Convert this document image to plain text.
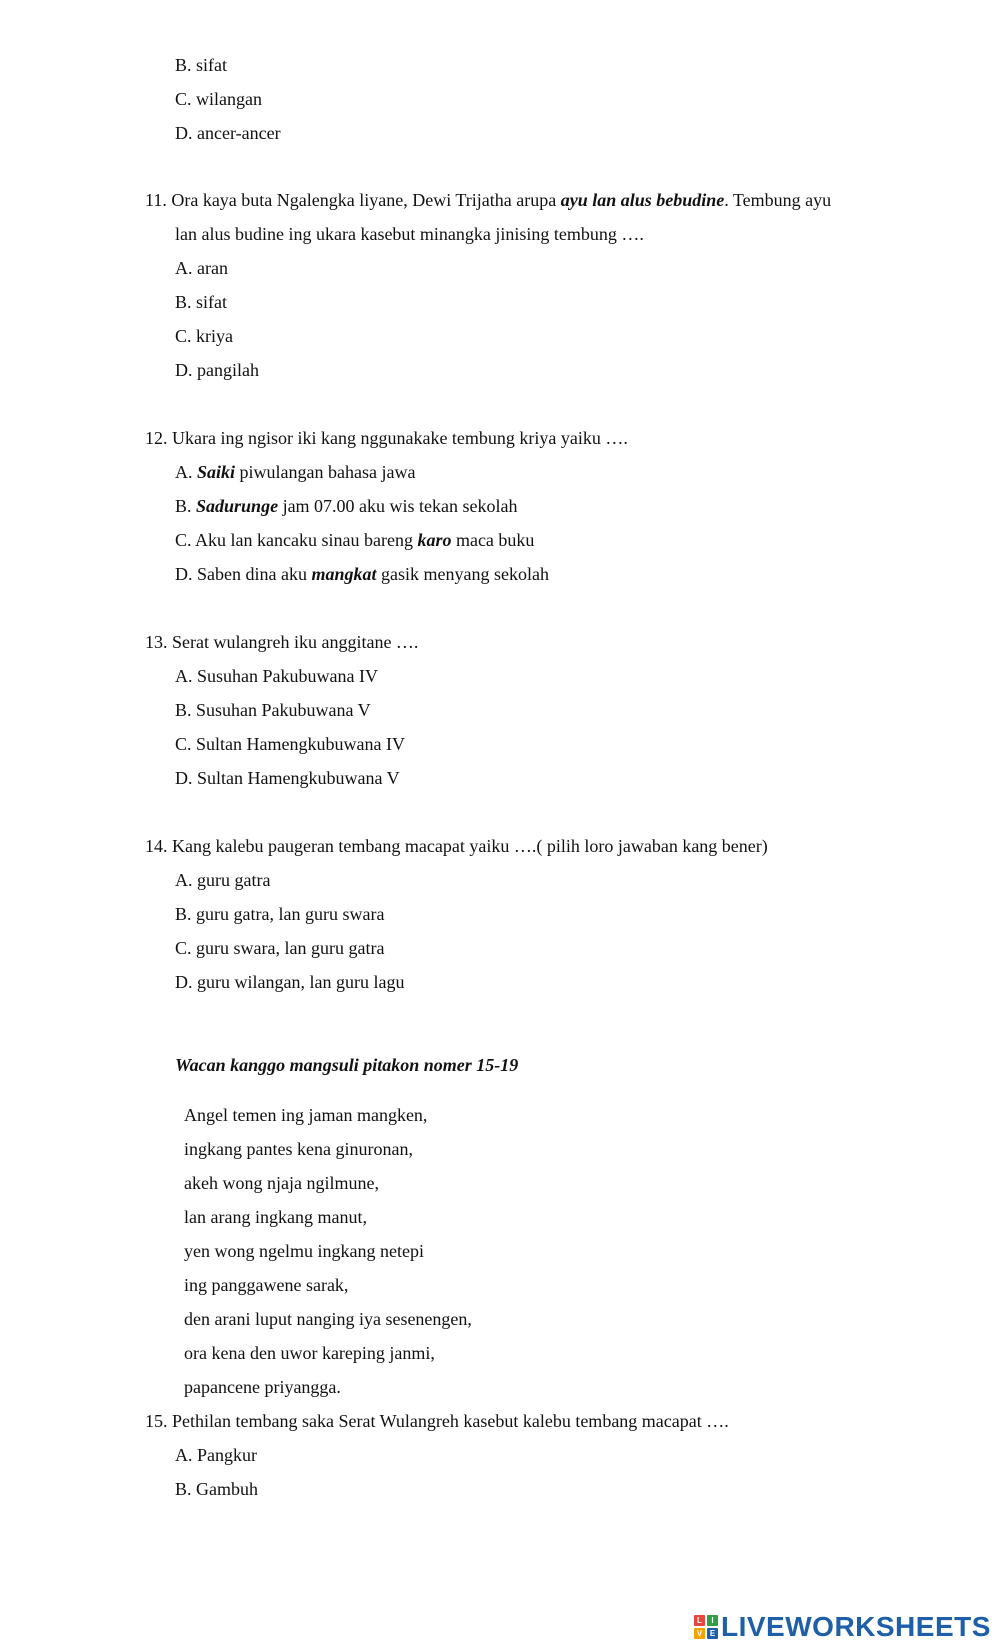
B. sifat
C. wilangan
D. ancer-ancer
11. Ora kaya buta Ngalengka liyane, Dewi Trijatha arupa ayu lan alus bebudine. Tembung ayu
lan alus budine ing ukara kasebut minangka jinising tembung ….
A. aran
B. sifat
C. kriya
D. pangilah
12. Ukara ing ngisor iki kang nggunakake tembung kriya yaiku ….
A. Saiki piwulangan bahasa jawa
B. Sadurunge jam 07.00 aku wis tekan sekolah
C. Aku lan kancaku sinau bareng karo maca buku
D. Saben dina aku mangkat gasik menyang sekolah
13. Serat wulangreh iku anggitane ….
A. Susuhan Pakubuwana IV
B. Susuhan Pakubuwana V
C. Sultan Hamengkubuwana IV
D. Sultan Hamengkubuwana V
14. Kang kalebu paugeran tembang macapat yaiku ….( pilih loro jawaban kang bener)
A. guru gatra
B. guru gatra, lan guru swara
C. guru swara, lan guru gatra
D. guru wilangan, lan guru lagu
Wacan kanggo mangsuli pitakon nomer 15-19
Angel temen ing jaman mangken,
ingkang pantes kena ginuronan,
akeh wong njaja ngilmune,
lan arang ingkang manut,
yen wong ngelmu ingkang netepi
ing panggawene sarak,
den arani luput nanging iya sesenengen,
ora kena den uwor kareping janmi,
papancene priyangga.
15. Pethilan tembang saka Serat Wulangreh kasebut kalebu tembang macapat ….
A. Pangkur
B. Gambuh
L	I
V E LIVEWORKSHEETS
